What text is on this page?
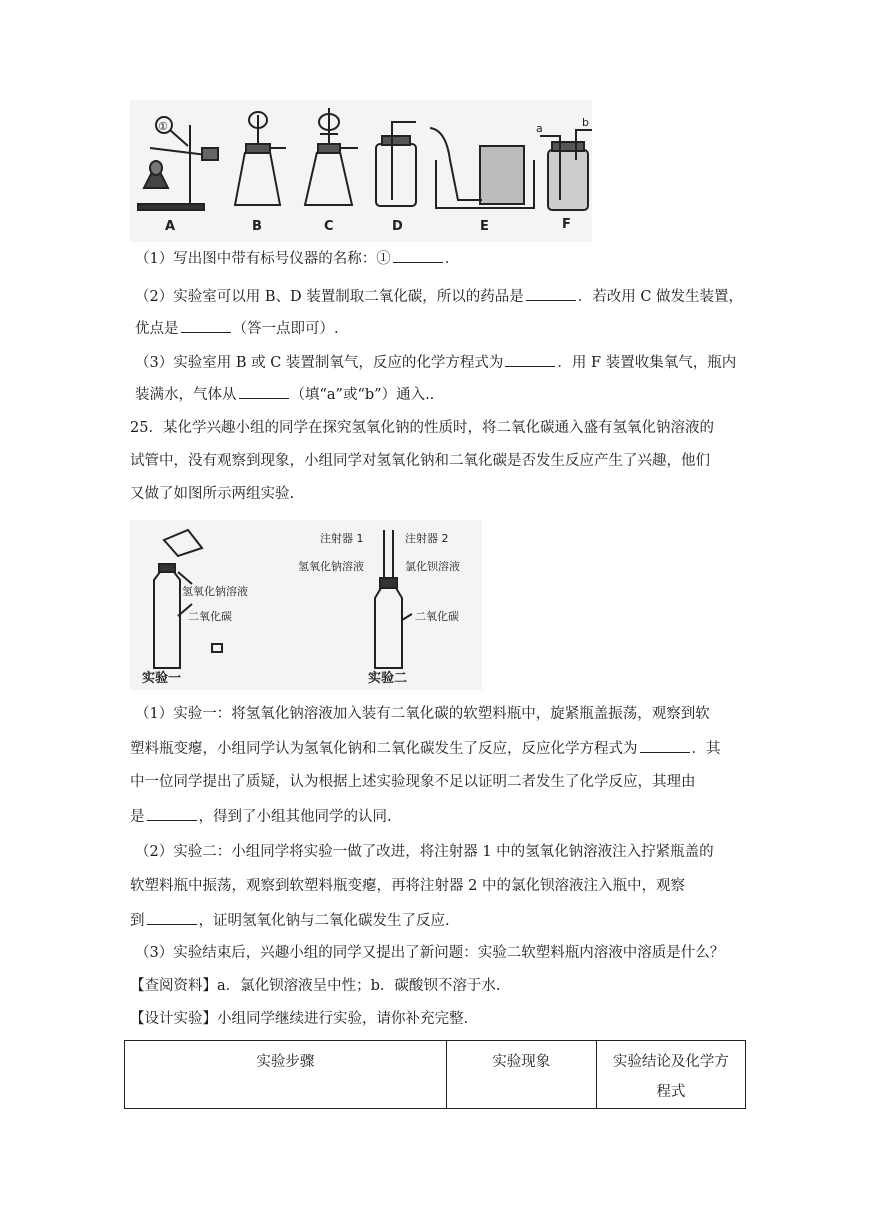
①	a	b
A	B	C	D	E	F
（1）写出图中带有标号仪器的名称：①	．
（2）实验室可以用 B、D 装置制取二氧化碳，所以的药品是	．若改用 C 做发生装置，
优点是	（答一点即可）.
（3）实验室用 B 或 C 装置制氧气，反应的化学方程式为	．用 F 装置收集氧气，瓶内
装满水，气体从	（填“a”或“b”）通入..
25．某化学兴趣小组的同学在探究氢氧化钠的性质时，将二氧化碳通入盛有氢氧化钠溶液的
试管中，没有观察到现象，小组同学对氢氧化钠和二氧化碳是否发生反应产生了兴趣，他们
又做了如图所示两组实验.
氢氧化钠溶液
二氧化碳
实验一
注射器 1	注射器 2
氢氧化钠溶液	氯化钡溶液
二氧化碳
实验二
（1）实验一：将氢氧化钠溶液加入装有二氧化碳的软塑料瓶中，旋紧瓶盖振荡，观察到软
塑料瓶变瘪，小组同学认为氢氧化钠和二氧化碳发生了反应，反应化学方程式为	．其
中一位同学提出了质疑，认为根据上述实验现象不足以证明二者发生了化学反应，其理由
是	，得到了小组其他同学的认同.
（2）实验二：小组同学将实验一做了改进，将注射器 1 中的氢氧化钠溶液注入拧紧瓶盖的
软塑料瓶中振荡，观察到软塑料瓶变瘪，再将注射器 2 中的氯化钡溶液注入瓶中，观察
到	，证明氢氧化钠与二氧化碳发生了反应.
（3）实验结束后，兴趣小组的同学又提出了新问题：实验二软塑料瓶内溶液中溶质是什么？
【查阅资料】a．氯化钡溶液呈中性；b．碳酸钡不溶于水.
【设计实验】小组同学继续进行实验，请你补充完整.
实验步骤	实验现象	实验结论及化学方
程式
